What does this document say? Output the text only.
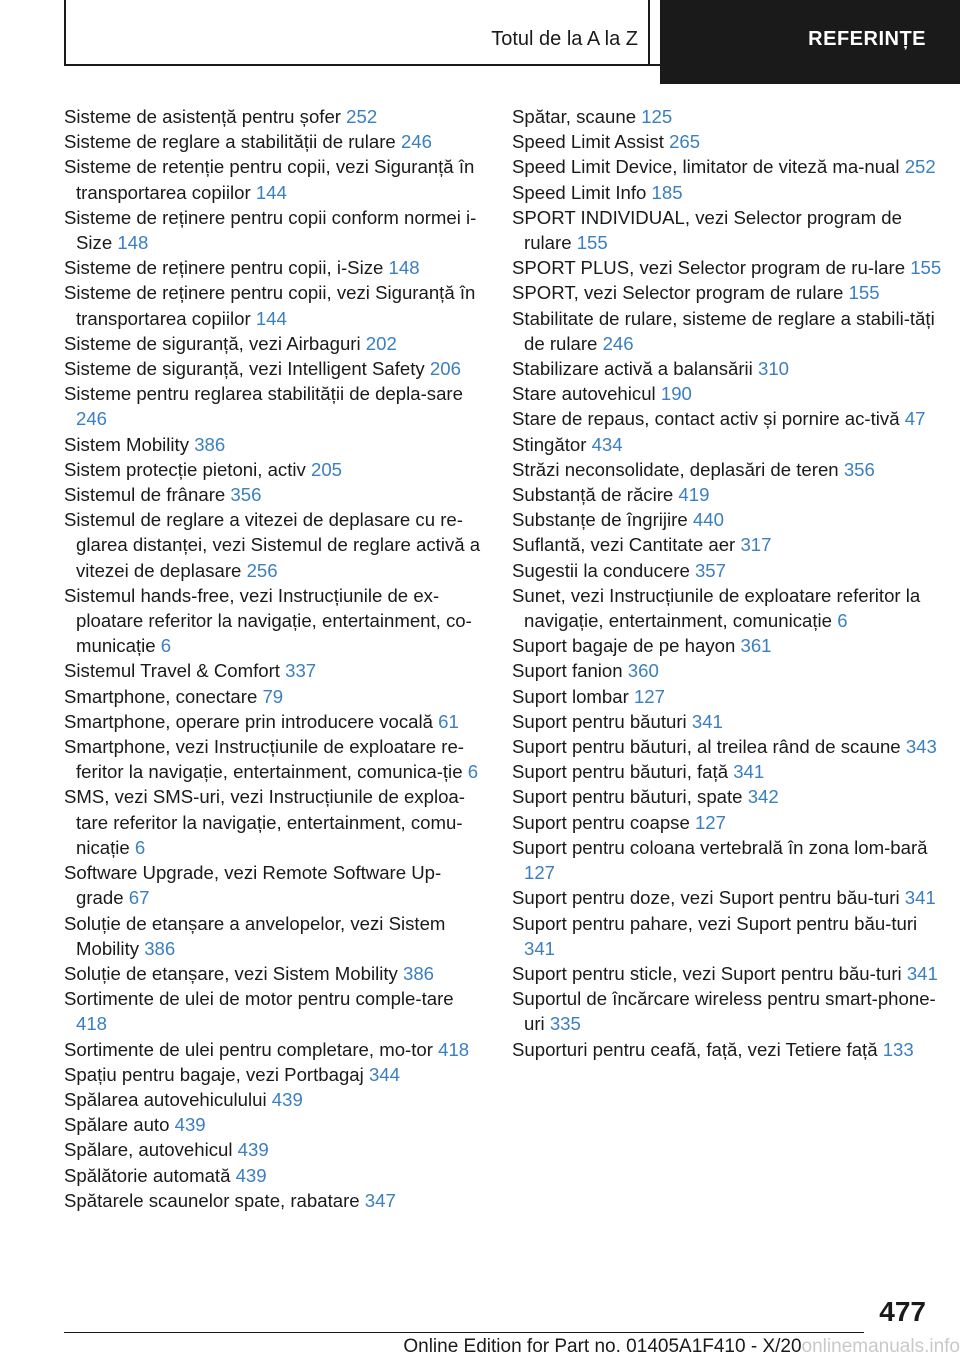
Totul de la A la Z	REFERINȚE
Sisteme de asistență pentru șofer 252
Sisteme de reglare a stabilității de rulare 246
Sisteme de retenție pentru copii, vezi Siguranță în transportarea copiilor 144
Sisteme de reținere pentru copii conform normei i-Size 148
Sisteme de reținere pentru copii, i-Size 148
Sisteme de reținere pentru copii, vezi Siguranță în transportarea copiilor 144
Sisteme de siguranță, vezi Airbaguri 202
Sisteme de siguranță, vezi Intelligent Safety 206
Sisteme pentru reglarea stabilității de depla-sare 246
Sistem Mobility 386
Sistem protecție pietoni, activ 205
Sistemul de frânare 356
Sistemul de reglare a vitezei de deplasare cu re-glarea distanței, vezi Sistemul de reglare activă a vitezei de deplasare 256
Sistemul hands-free, vezi Instrucțiunile de ex-ploatare referitor la navigație, entertainment, co-municație 6
Sistemul Travel & Comfort 337
Smartphone, conectare 79
Smartphone, operare prin introducere vocală 61
Smartphone, vezi Instrucțiunile de exploatare re-feritor la navigație, entertainment, comunica-ție 6
SMS, vezi SMS-uri, vezi Instrucțiunile de exploa-tare referitor la navigație, entertainment, comu-nicație 6
Software Upgrade, vezi Remote Software Up-grade 67
Soluție de etanșare a anvelopelor, vezi Sistem Mobility 386
Soluție de etanșare, vezi Sistem Mobility 386
Sortimente de ulei de motor pentru comple-tare 418
Sortimente de ulei pentru completare, mo-tor 418
Spațiu pentru bagaje, vezi Portbagaj 344
Spălarea autovehiculului 439
Spălare auto 439
Spălare, autovehicul 439
Spălătorie automată 439
Spătarele scaunelor spate, rabatare 347
Spătar, scaune 125
Speed Limit Assist 265
Speed Limit Device, limitator de viteză ma-nual 252
Speed Limit Info 185
SPORT INDIVIDUAL, vezi Selector program de rulare 155
SPORT PLUS, vezi Selector program de ru-lare 155
SPORT, vezi Selector program de rulare 155
Stabilitate de rulare, sisteme de reglare a stabili-tăți de rulare 246
Stabilizare activă a balansării 310
Stare autovehicul 190
Stare de repaus, contact activ și pornire ac-tivă 47
Stingător 434
Străzi neconsolidate, deplasări de teren 356
Substanță de răcire 419
Substanțe de îngrijire 440
Suflantă, vezi Cantitate aer 317
Sugestii la conducere 357
Sunet, vezi Instrucțiunile de exploatare referitor la navigație, entertainment, comunicație 6
Suport bagaje de pe hayon 361
Suport fanion 360
Suport lombar 127
Suport pentru băuturi 341
Suport pentru băuturi, al treilea rând de scaune 343
Suport pentru băuturi, față 341
Suport pentru băuturi, spate 342
Suport pentru coapse 127
Suport pentru coloana vertebrală în zona lom-bară 127
Suport pentru doze, vezi Suport pentru bău-turi 341
Suport pentru pahare, vezi Suport pentru bău-turi 341
Suport pentru sticle, vezi Suport pentru bău-turi 341
Suportul de încărcare wireless pentru smart-phone-uri 335
Suporturi pentru ceafă, față, vezi Tetiere față 133
477
Online Edition for Part no. 01405A1F410 - X/20onlinemanuals.info
